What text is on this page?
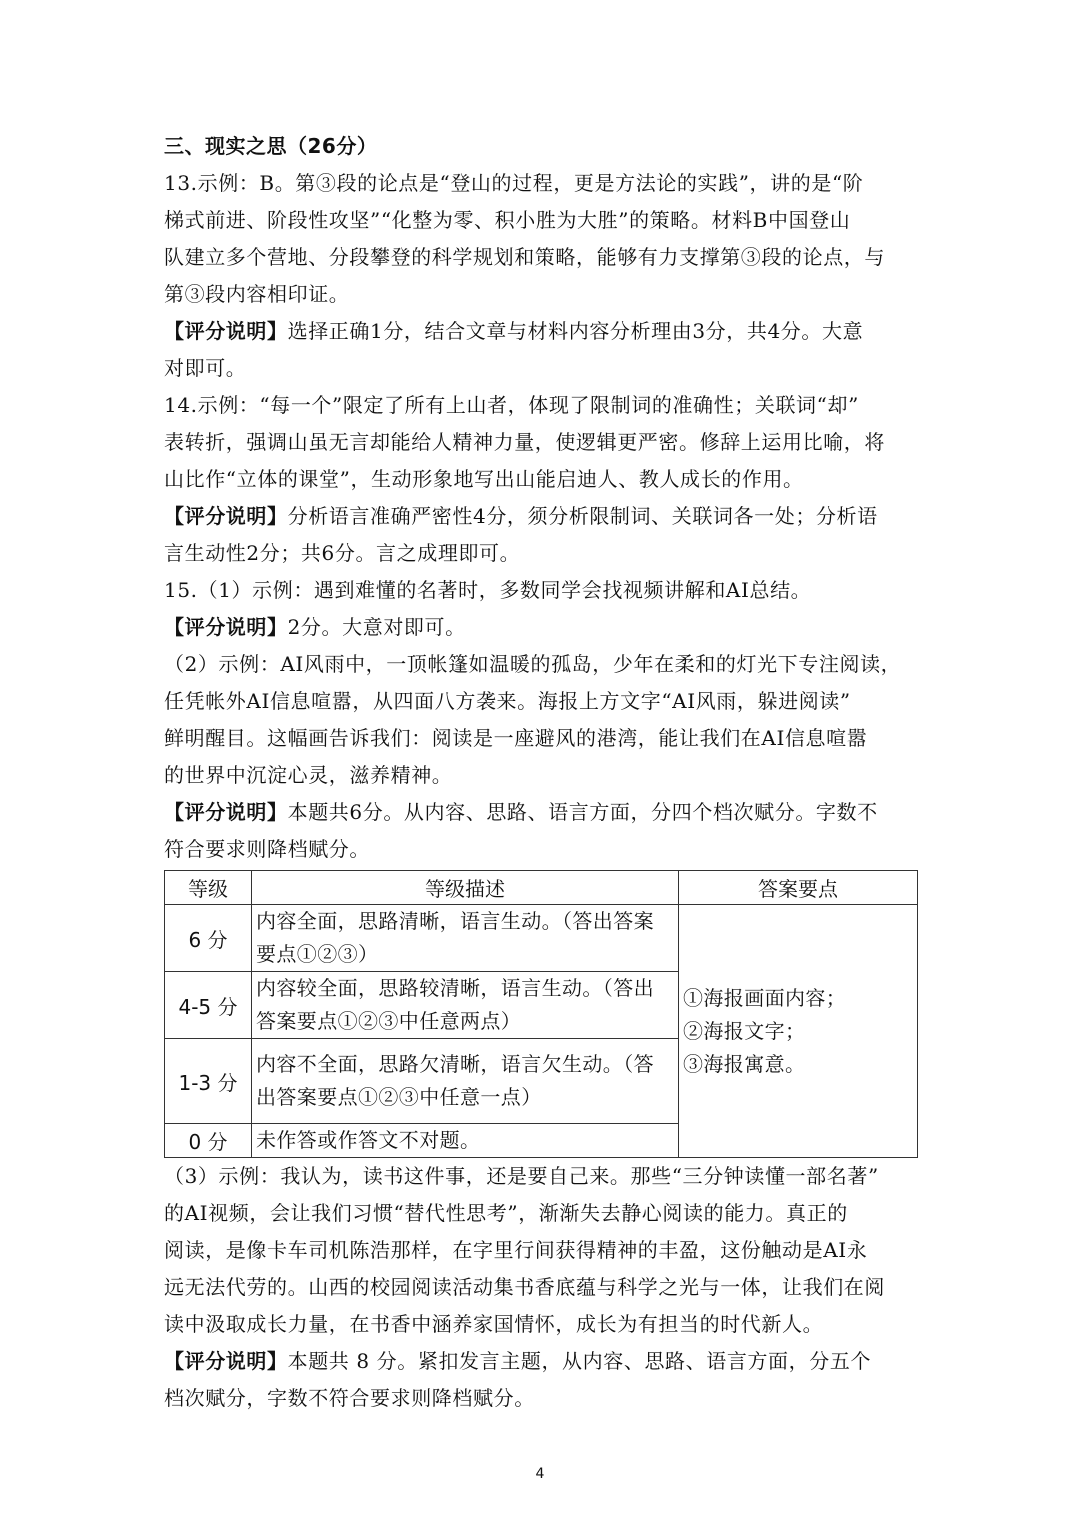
三、现实之思（26分）
13.示例：B。第③段的论点是“登山的过程，更是方法论的实践”，讲的是“阶
梯式前进、阶段性攻坚”“化整为零、积小胜为大胜”的策略。材料B中国登山
队建立多个营地、分段攀登的科学规划和策略，能够有力支撑第③段的论点，与
第③段内容相印证。
【评分说明】选择正确1分，结合文章与材料内容分析理由3分，共4分。大意
对即可。
14.示例：“每一个”限定了所有上山者，体现了限制词的准确性；关联词“却”
表转折，强调山虽无言却能给人精神力量，使逻辑更严密。修辞上运用比喻，将
山比作“立体的课堂”，生动形象地写出山能启迪人、教人成长的作用。
【评分说明】分析语言准确严密性4分，须分析限制词、关联词各一处；分析语
言生动性2分；共6分。言之成理即可。
15.（1）示例：遇到难懂的名著时，多数同学会找视频讲解和AI总结。
【评分说明】2分。大意对即可。
（2）示例：AI风雨中，一顶帐篷如温暖的孤岛，少年在柔和的灯光下专注阅读，
任凭帐外AI信息喧嚣，从四面八方袭来。海报上方文字“AI风雨，躲进阅读”
鲜明醒目。这幅画告诉我们：阅读是一座避风的港湾，能让我们在AI信息喧嚣
的世界中沉淀心灵，滋养精神。
【评分说明】本题共6分。从内容、思路、语言方面，分四个档次赋分。字数不
符合要求则降档赋分。
等级	等级描述	答案要点
6 分	内容全面，思路清晰，语言生动。（答出答案要点①②③）	①海报画面内容；
②海报文字；
③海报寓意。

4-5 分	内容较全面，思路较清晰，语言生动。（答出答案要点①②③中任意两点）	
1-3 分	内容不全面，思路欠清晰，语言欠生动。（答出答案要点①②③中任意一点）	
0 分	未作答或作答文不对题。	
（3）示例：我认为，读书这件事，还是要自己来。那些“三分钟读懂一部名著”
的AI视频，会让我们习惯“替代性思考”，渐渐失去静心阅读的能力。真正的
阅读，是像卡车司机陈浩那样，在字里行间获得精神的丰盈，这份触动是AI永
远无法代劳的。山西的校园阅读活动集书香底蕴与科学之光与一体，让我们在阅
读中汲取成长力量，在书香中涵养家国情怀，成长为有担当的时代新人。
【评分说明】本题共 8 分。紧扣发言主题，从内容、思路、语言方面，分五个
档次赋分，字数不符合要求则降档赋分。
4
